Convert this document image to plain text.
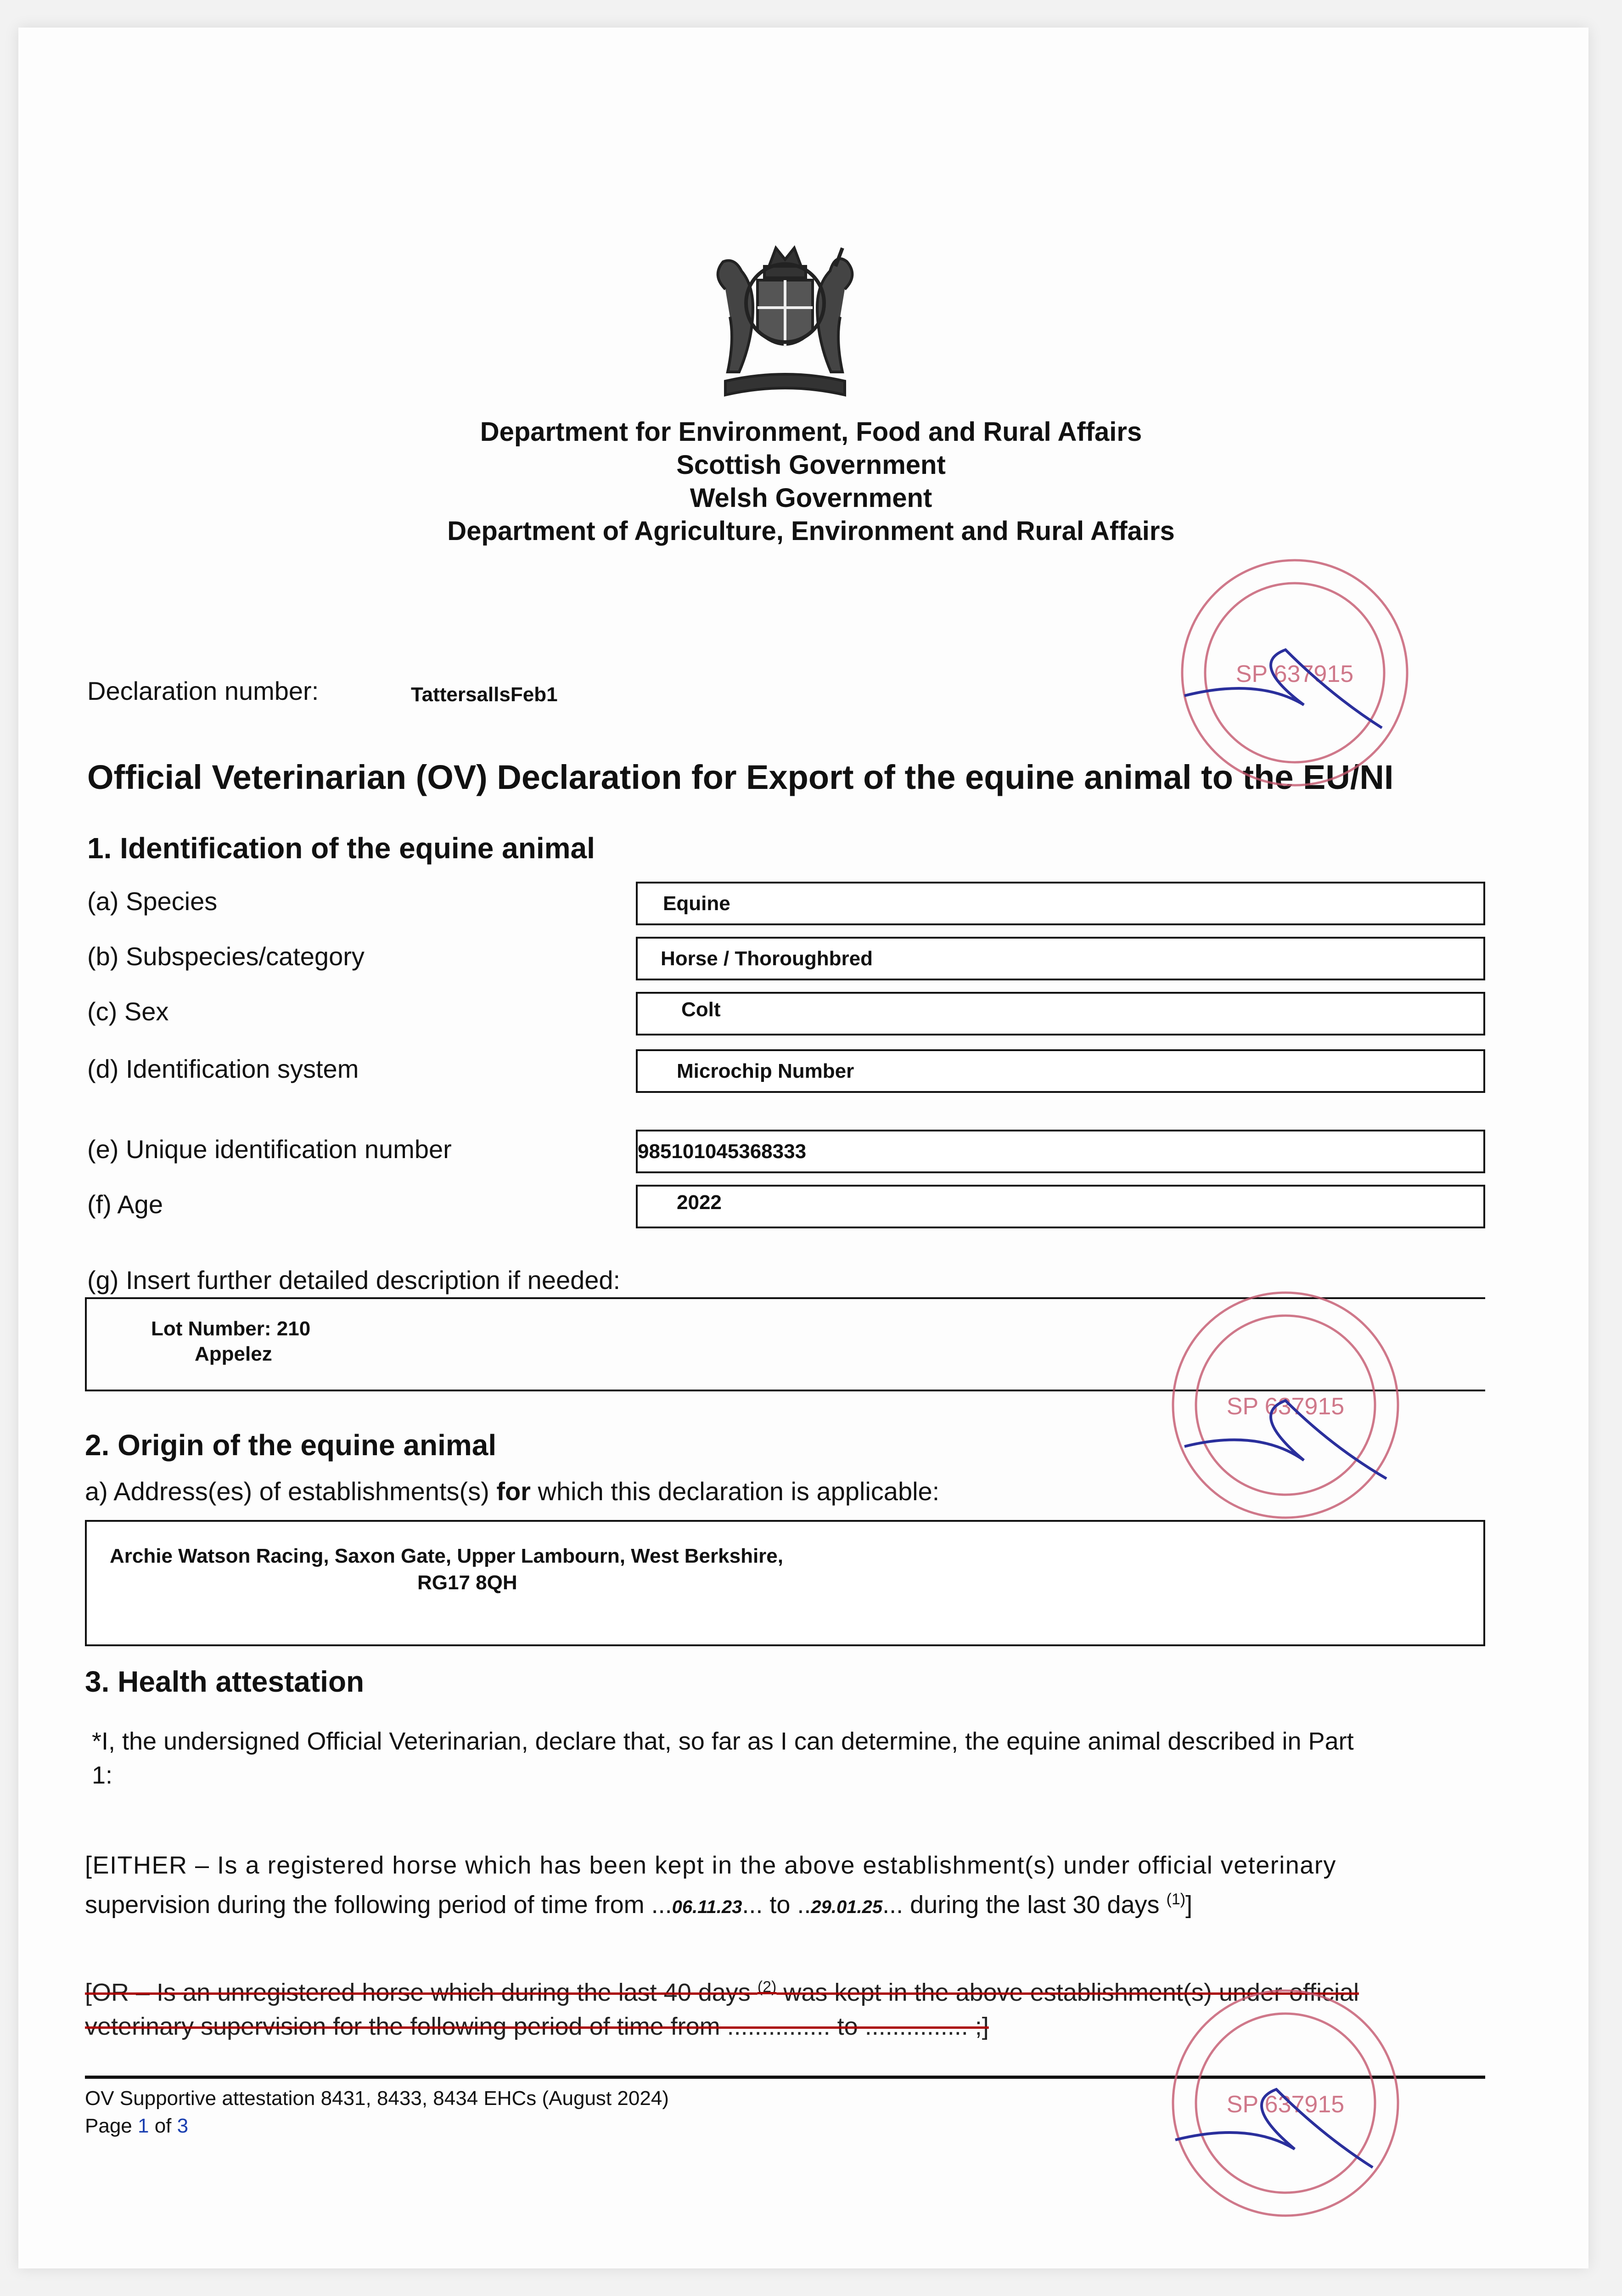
Department for Environment, Food and Rural Affairs
Scottish Government
Welsh Government
Department of Agriculture, Environment and Rural Affairs
Declaration number:	TattersallsFeb1
Official Veterinarian (OV) Declaration for Export of the equine animal to the EU/NI
1. Identification of the equine animal
(a) Species	Equine
(b) Subspecies/category	Horse / Thoroughbred
(c) Sex	Colt
(d) Identification system	Microchip Number
(e) Unique identification number	985101045368333
(f) Age	2022
(g) Insert further detailed description if needed:
Lot Number: 210
Appelez
2. Origin of the equine animal
a) Address(es) of establishments(s) for which this declaration is applicable:
Archie Watson Racing, Saxon Gate, Upper Lambourn, West Berkshire,
RG17 8QH
3. Health attestation
*I, the undersigned Official Veterinarian, declare that, so far as I can determine, the equine animal described in Part
1:
[EITHER – Is a registered horse which has been kept in the above establishment(s) under official veterinary
supervision during the following period of time from ...06.11.23... to ..29.01.25... during the last 30 days $^{(1)}$]
[OR – Is an unregistered horse which during the last 40 days $^{(2)}$ was kept in the above establishment(s) under official
veterinary supervision for the following period of time from ............... to ............... ;]
OV Supportive attestation 8431, 8433, 8434 EHCs (August 2024)
Page 1 of 3
SP 637915
SP 637915
SP 637915
